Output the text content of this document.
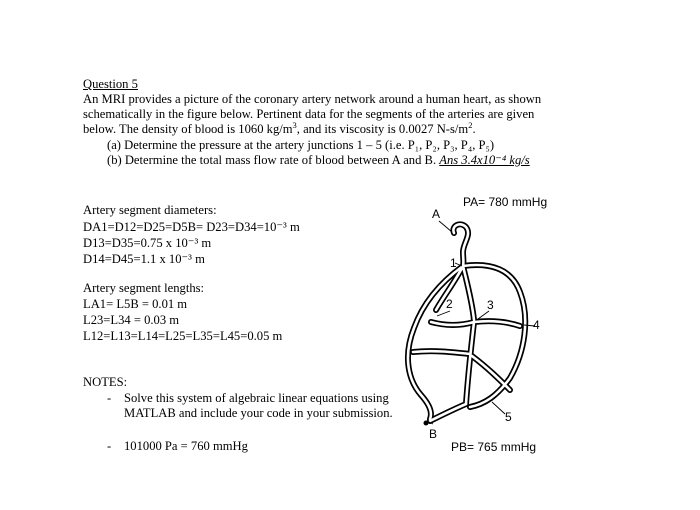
Question 5
An MRI provides a picture of the coronary artery network around a human heart, as shown
schematically in the figure below. Pertinent data for the segments of the arteries are given
below. The density of blood is 1060 $kg/m^3$, and its viscosity is 0.0027 $N-s/m^2$.
(a) Determine the pressure at the artery junctions 1 – 5 (i.e. P₁, P₂, P₃, P₄, P₅)
(b) Determine the total mass flow rate of blood between A and B. Ans 3.4x10⁻⁴ kg/s
Artery segment diameters:
DA1=D12=D25=D5B= D23=D34=10⁻³ m
D13=D35=0.75 x 10⁻³ m
D14=D45=1.1 x 10⁻³ m
Artery segment lengths:
LA1= L5B = 0.01 m
L23=L34 = 0.03 m
L12=L13=L14=L25=L35=L45=0.05 m
NOTES:
- Solve this system of algebraic linear equations using MATLAB and include your code in your submission.
- 101000 Pa = 760 mmHg
PA= 780 mmHg
PB= 765 mmHg
A
B
1
2	3
4
5
